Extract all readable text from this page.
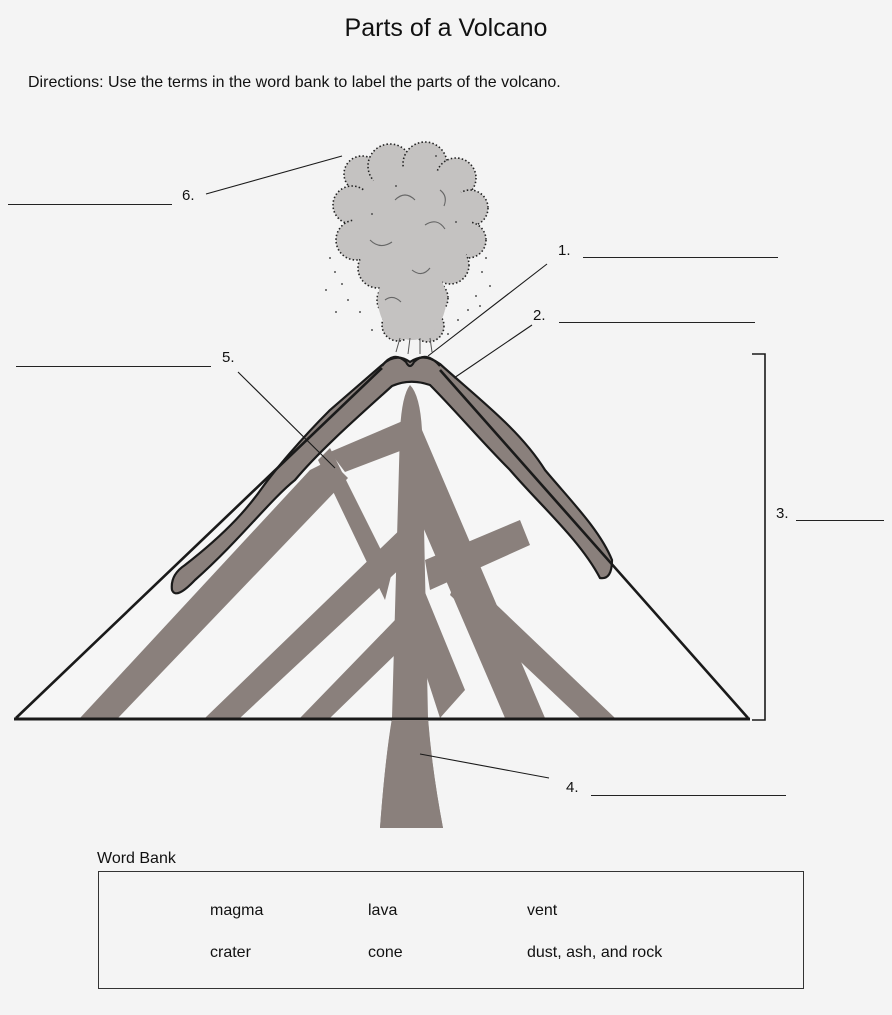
Parts of a Volcano
Directions: Use the terms in the word bank to label the parts of the volcano.
6.
1.
2.
5.
3.
4.
Word Bank
magma	lava	vent
crater	cone	dust, ash, and rock
